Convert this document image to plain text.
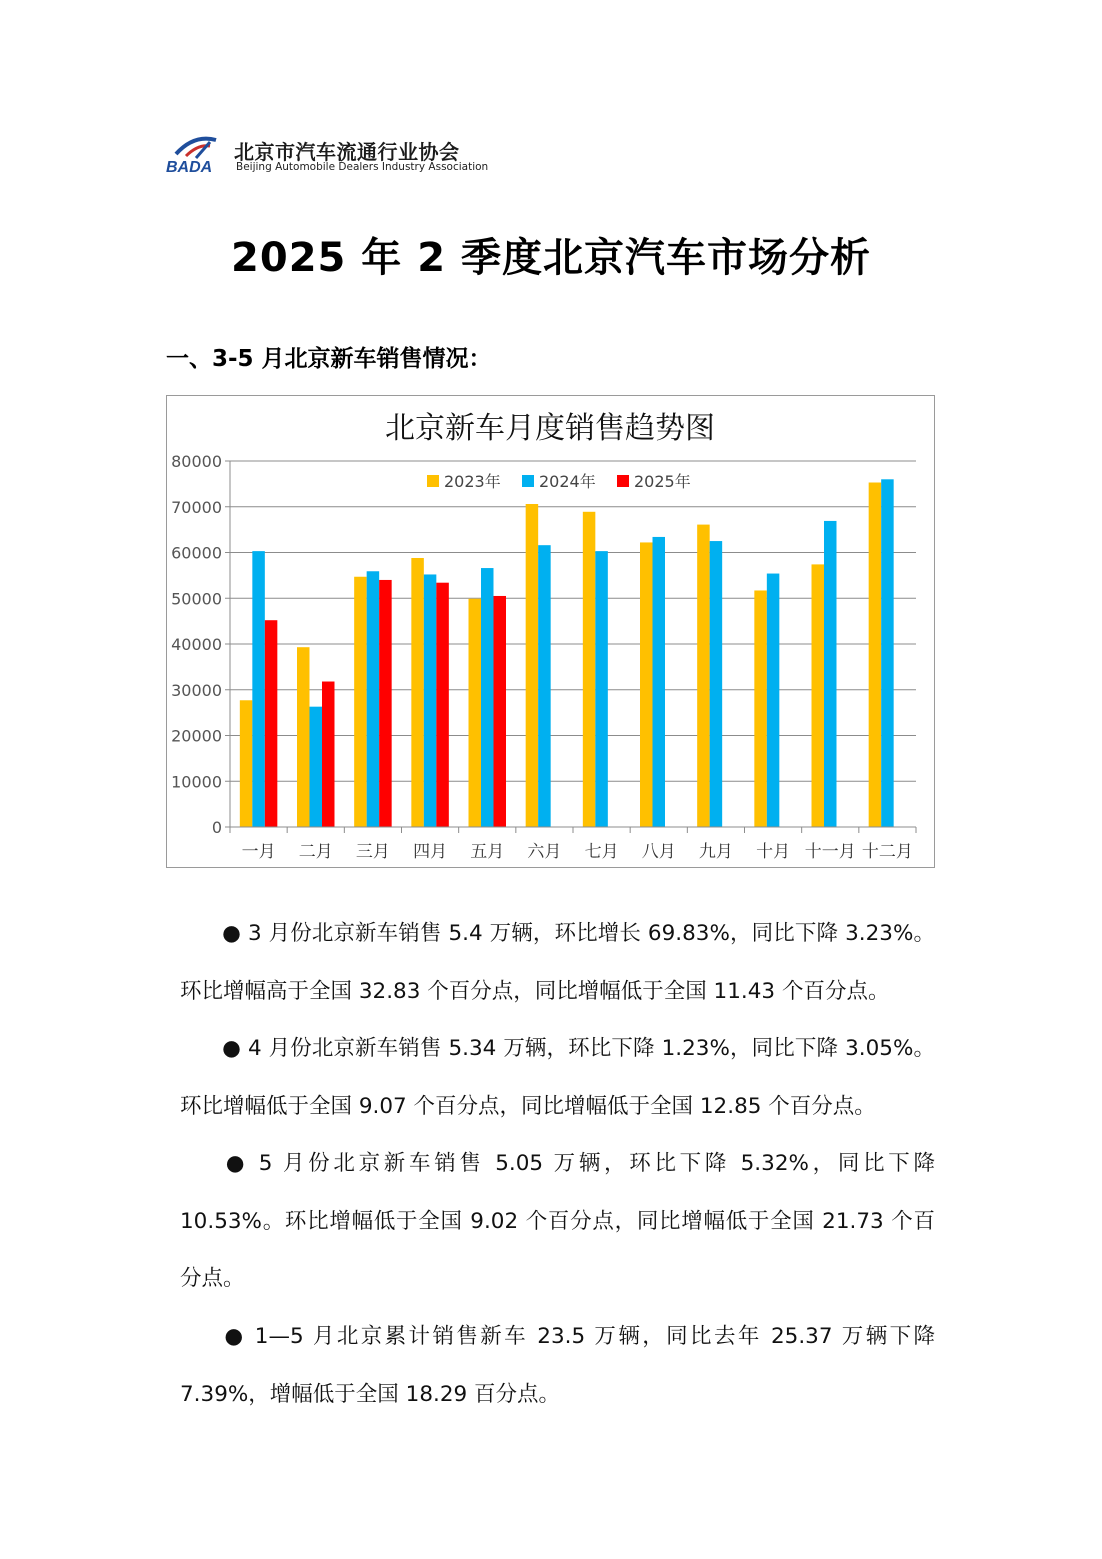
BADA
北京市汽车流通行业协会
Beijing Automobile Dealers Industry Association
2025 年 2 季度北京汽车市场分析
一、3-5 月北京新车销售情况：
北京新车月度销售趋势图
0
10000
20000
30000
40000
50000
60000
70000
80000
一月 二月 三月 四月 五月 六月 七月 八月 九月 十月 十一月 十二月
2023年 2024年 2025年
● 3 月份北京新车销售 5.4 万辆，环比增长 69.83%，同比下降 3.23%。环比增幅高于全国 32.83 个百分点，同比增幅低于全国 11.43 个百分点。
● 4 月份北京新车销售 5.34 万辆，环比下降 1.23%，同比下降 3.05%。环比增幅低于全国 9.07 个百分点，同比增幅低于全国 12.85 个百分点。
● 5 月份北京新车销售 5.05 万辆，环比下降 5.32%，同比下降 10.53%。环比增幅低于全国 9.02 个百分点，同比增幅低于全国 21.73 个百分点。
● 1—5 月北京累计销售新车 23.5 万辆，同比去年 25.37 万辆下降 7.39%，增幅低于全国 18.29 百分点。
